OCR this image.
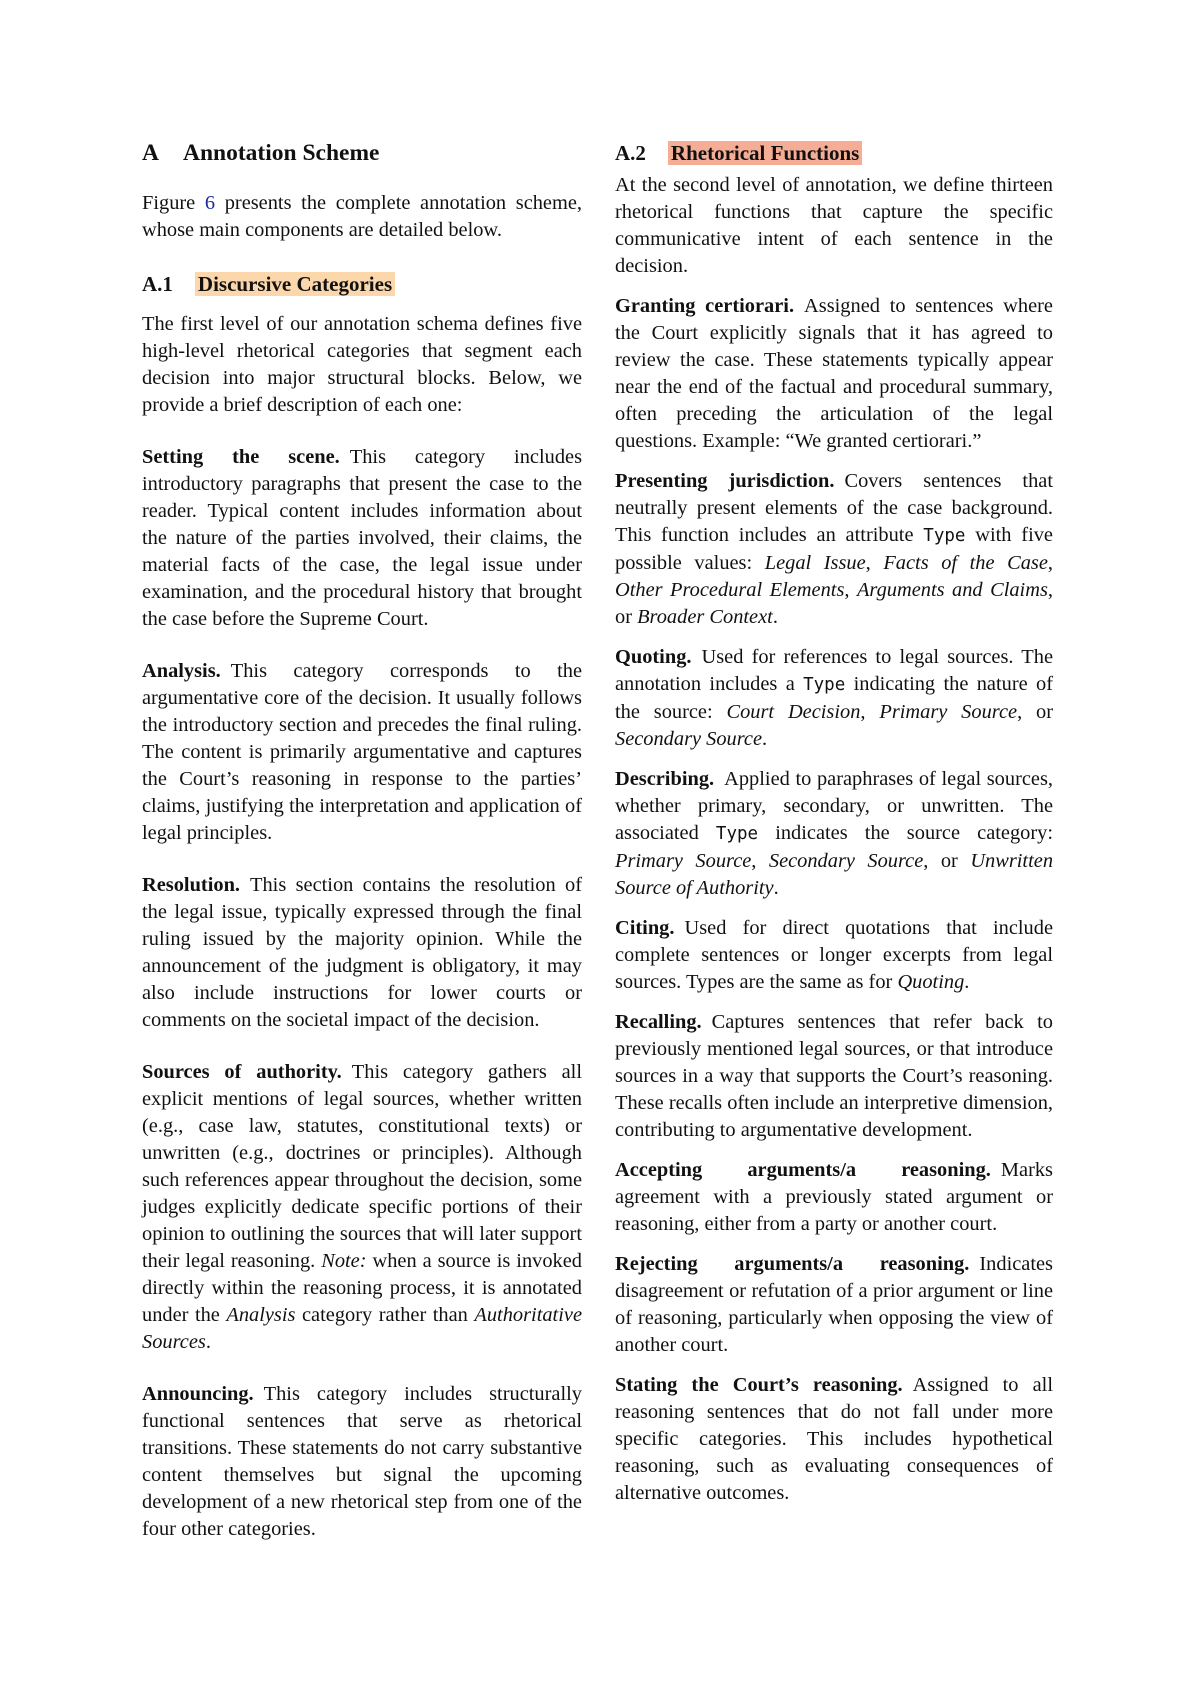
A Annotation Scheme

Figure 6 presents the complete annotation scheme, whose main components are detailed below.

A.1 Discursive Categories

The first level of our annotation schema defines five high-level rhetorical categories that segment each decision into major structural blocks. Below, we provide a brief description of each one:

Setting the scene. This category includes introductory paragraphs that present the case to the reader. Typical content includes information about the nature of the parties involved, their claims, the material facts of the case, the legal issue under examination, and the procedural history that brought the case before the Supreme Court.

Analysis. This category corresponds to the argumentative core of the decision. It usually follows the introductory section and precedes the final ruling. The content is primarily argumentative and captures the Court’s reasoning in response to the parties’ claims, justifying the interpretation and application of legal principles.

Resolution. This section contains the resolution of the legal issue, typically expressed through the final ruling issued by the majority opinion. While the announcement of the judgment is obligatory, it may also include instructions for lower courts or comments on the societal impact of the decision.

Sources of authority. This category gathers all explicit mentions of legal sources, whether written (e.g., case law, statutes, constitutional texts) or unwritten (e.g., doctrines or principles). Although such references appear throughout the decision, some judges explicitly dedicate specific portions of their opinion to outlining the sources that will later support their legal reasoning. Note: when a source is invoked directly within the reasoning process, it is annotated under the Analysis category rather than Authoritative Sources.

Announcing. This category includes structurally functional sentences that serve as rhetorical transitions. These statements do not carry substantive content themselves but signal the upcoming development of a new rhetorical step from one of the four other categories.

A.2 Rhetorical Functions

At the second level of annotation, we define thirteen rhetorical functions that capture the specific communicative intent of each sentence in the decision.

Granting certiorari. Assigned to sentences where the Court explicitly signals that it has agreed to review the case. These statements typically appear near the end of the factual and procedural summary, often preceding the articulation of the legal questions. Example: “We granted certiorari.”

Presenting jurisdiction. Covers sentences that neutrally present elements of the case background. This function includes an attribute Type with five possible values: Legal Issue, Facts of the Case, Other Procedural Elements, Arguments and Claims, or Broader Context.

Quoting. Used for references to legal sources. The annotation includes a Type indicating the nature of the source: Court Decision, Primary Source, or Secondary Source.

Describing. Applied to paraphrases of legal sources, whether primary, secondary, or unwritten. The associated Type indicates the source category: Primary Source, Secondary Source, or Unwritten Source of Authority.

Citing. Used for direct quotations that include complete sentences or longer excerpts from legal sources. Types are the same as for Quoting.

Recalling. Captures sentences that refer back to previously mentioned legal sources, or that introduce sources in a way that supports the Court’s reasoning. These recalls often include an interpretive dimension, contributing to argumentative development.

Accepting arguments/a reasoning. Marks agreement with a previously stated argument or reasoning, either from a party or another court.

Rejecting arguments/a reasoning. Indicates disagreement or refutation of a prior argument or line of reasoning, particularly when opposing the view of another court.

Stating the Court’s reasoning. Assigned to all reasoning sentences that do not fall under more specific categories. This includes hypothetical reasoning, such as evaluating consequences of alternative outcomes.
